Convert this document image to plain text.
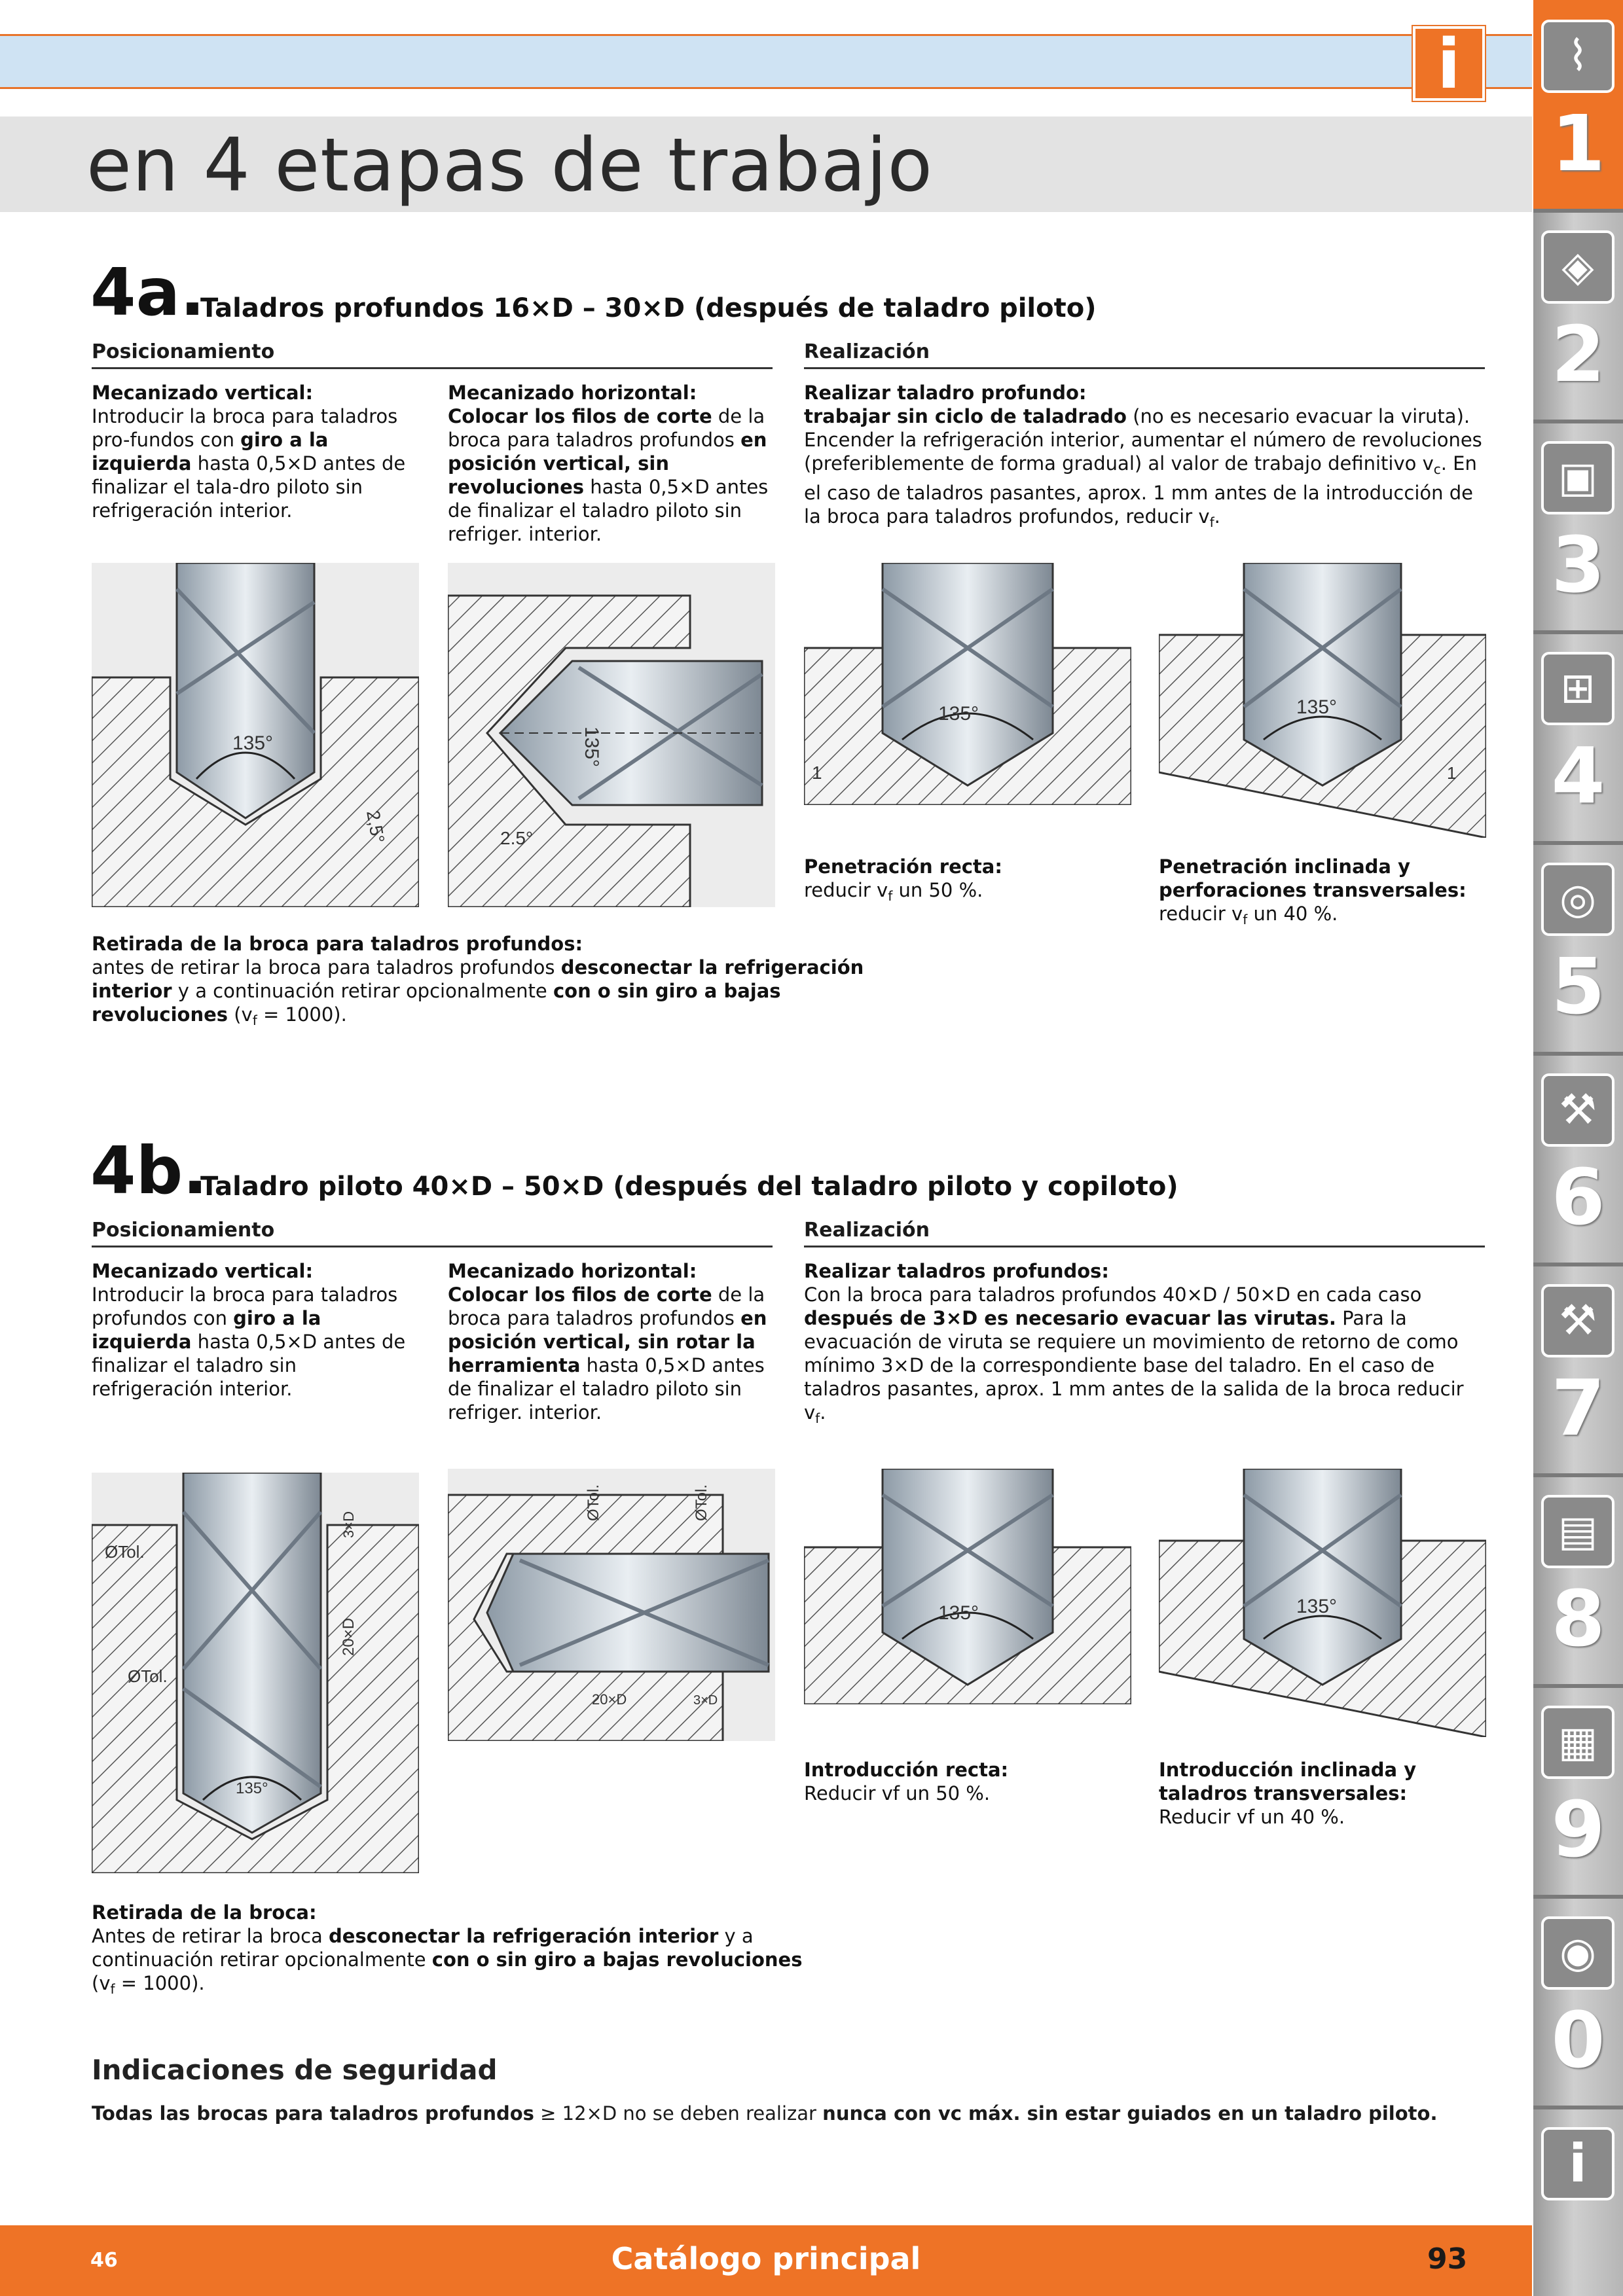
i
en 4 etapas de trabajo
⌇
1
◈
2
▣
3
⊞
4
◎
5
⚒
6
⚒
7
▤
8
▦
9
◉
0
i
4a.
Taladros profundos 16×D – 30×D (después de taladro piloto)
Posicionamiento	Realización
Mecanizado vertical:
Introducir la broca para taladros pro-fundos con giro a la izquierda hasta 0,5×D antes de finalizar el tala-dro piloto sin refrigeración interior.
Mecanizado horizontal:
Colocar los filos de corte de la broca para taladros profundos en posición vertical, sin revoluciones hasta 0,5×D antes de finalizar el taladro piloto sin refriger. interior.
Realizar taladro profundo:
trabajar sin ciclo de taladrado (no es necesario evacuar la viruta). Encender la refrigeración interior, aumentar el número de revoluciones (preferiblemente de forma gradual) al valor de trabajo definitivo $v_c$. En el caso de taladros pasantes, aprox. 1 mm antes de la introducción de la broca para taladros profundos, reducir $v_f$.
135°
2,5°
135°
2.5°
135°
1
135°
1
Penetración recta:
reducir $v_f$ un 50 %.
Penetración inclinada y perforaciones transversales:
reducir $v_f$ un 40 %.
Retirada de la broca para taladros profundos:
antes de retirar la broca para taladros profundos desconectar la refrigeración interior y a continuación retirar opcionalmente con o sin giro a bajas revoluciones $(v_f = 1000)$.
4b.
Taladro piloto 40×D – 50×D (después del taladro piloto y copiloto)
Posicionamiento	Realización
Mecanizado vertical:
Introducir la broca para taladros profundos con giro a la izquierda hasta 0,5×D antes de finalizar el taladro sin refrigeración interior.
Mecanizado horizontal:
Colocar los filos de corte de la broca para taladros profundos en posición vertical, sin rotar la herramienta hasta 0,5×D antes de finalizar el taladro piloto sin refriger. interior.
Realizar taladros profundos:
Con la broca para taladros profundos 40×D / 50×D en cada caso después de 3×D es necesario evacuar las virutas. Para la evacuación de viruta se requiere un movimiento de retorno de como mínimo 3×D de la correspondiente base del taladro. En el caso de taladros pasantes, aprox. 1 mm antes de la salida de la broca reducir $v_f$.
ØTol.
ØTol.
20×D
3×D
135°
ØTol.	ØTol.
20×D	3×D
135°	135°
Introducción recta:
Reducir vf un 50 %.
Introducción inclinada y taladros transversales:
Reducir vf un 40 %.
Retirada de la broca:
Antes de retirar la broca desconectar la refrigeración interior y a continuación retirar opcionalmente con o sin giro a bajas revoluciones $(v_f = 1000)$.
Indicaciones de seguridad
Todas las brocas para taladros profundos ≥ 12×D no se deben realizar nunca con vc máx. sin estar guiados en un taladro piloto.
46	Catálogo principal	93
